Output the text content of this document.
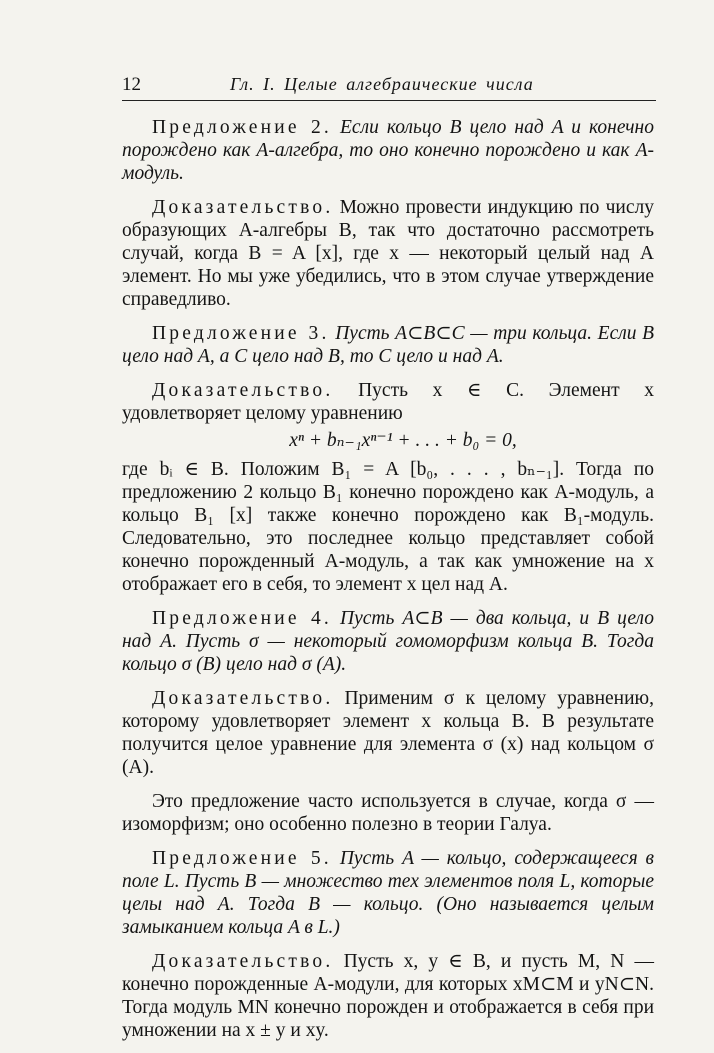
12	Гл. I. Целые алгебраические числа

Предложение 2. Если кольцо B цело над A и конечно порождено как A-алгебра, то оно конечно порождено и как A-модуль.

Доказательство. Можно провести индукцию по числу образующих A-алгебры B, так что достаточно рассмотреть случай, когда B = A [x], где x — некоторый целый над A элемент. Но мы уже убедились, что в этом случае утверждение справедливо.

Предложение 3. Пусть A⊂B⊂C — три кольца. Если B цело над A, а C цело над B, то C цело и над A.

Доказательство. Пусть x ∈ C. Элемент x удовлетворяет целому уравнению

xⁿ + bₙ₋₁xⁿ⁻¹ + . . . + b₀ = 0,

где bᵢ ∈ B. Положим B₁ = A [b₀, . . . , bₙ₋₁]. Тогда по предложению 2 кольцо B₁ конечно порождено как A-модуль, а кольцо B₁ [x] также конечно порождено как B₁-модуль. Следовательно, это последнее кольцо представляет собой конечно порожденный A-модуль, а так как умножение на x отображает его в себя, то элемент x цел над A.

Предложение 4. Пусть A⊂B — два кольца, и B цело над A. Пусть σ — некоторый гомоморфизм кольца B. Тогда кольцо σ (B) цело над σ (A).

Доказательство. Применим σ к целому уравнению, которому удовлетворяет элемент x кольца B. В результате получится целое уравнение для элемента σ (x) над кольцом σ (A).

Это предложение часто используется в случае, когда σ — изоморфизм; оно особенно полезно в теории Галуа.

Предложение 5. Пусть A — кольцо, содержащееся в поле L. Пусть B — множество тех элементов поля L, которые целы над A. Тогда B — кольцо. (Оно называется целым замыканием кольца A в L.)

Доказательство. Пусть x, y ∈ B, и пусть M, N — конечно порожденные A-модули, для которых xM⊂M и yN⊂N. Тогда модуль MN конечно порожден и отображается в себя при умножении на x ± y и xy.
